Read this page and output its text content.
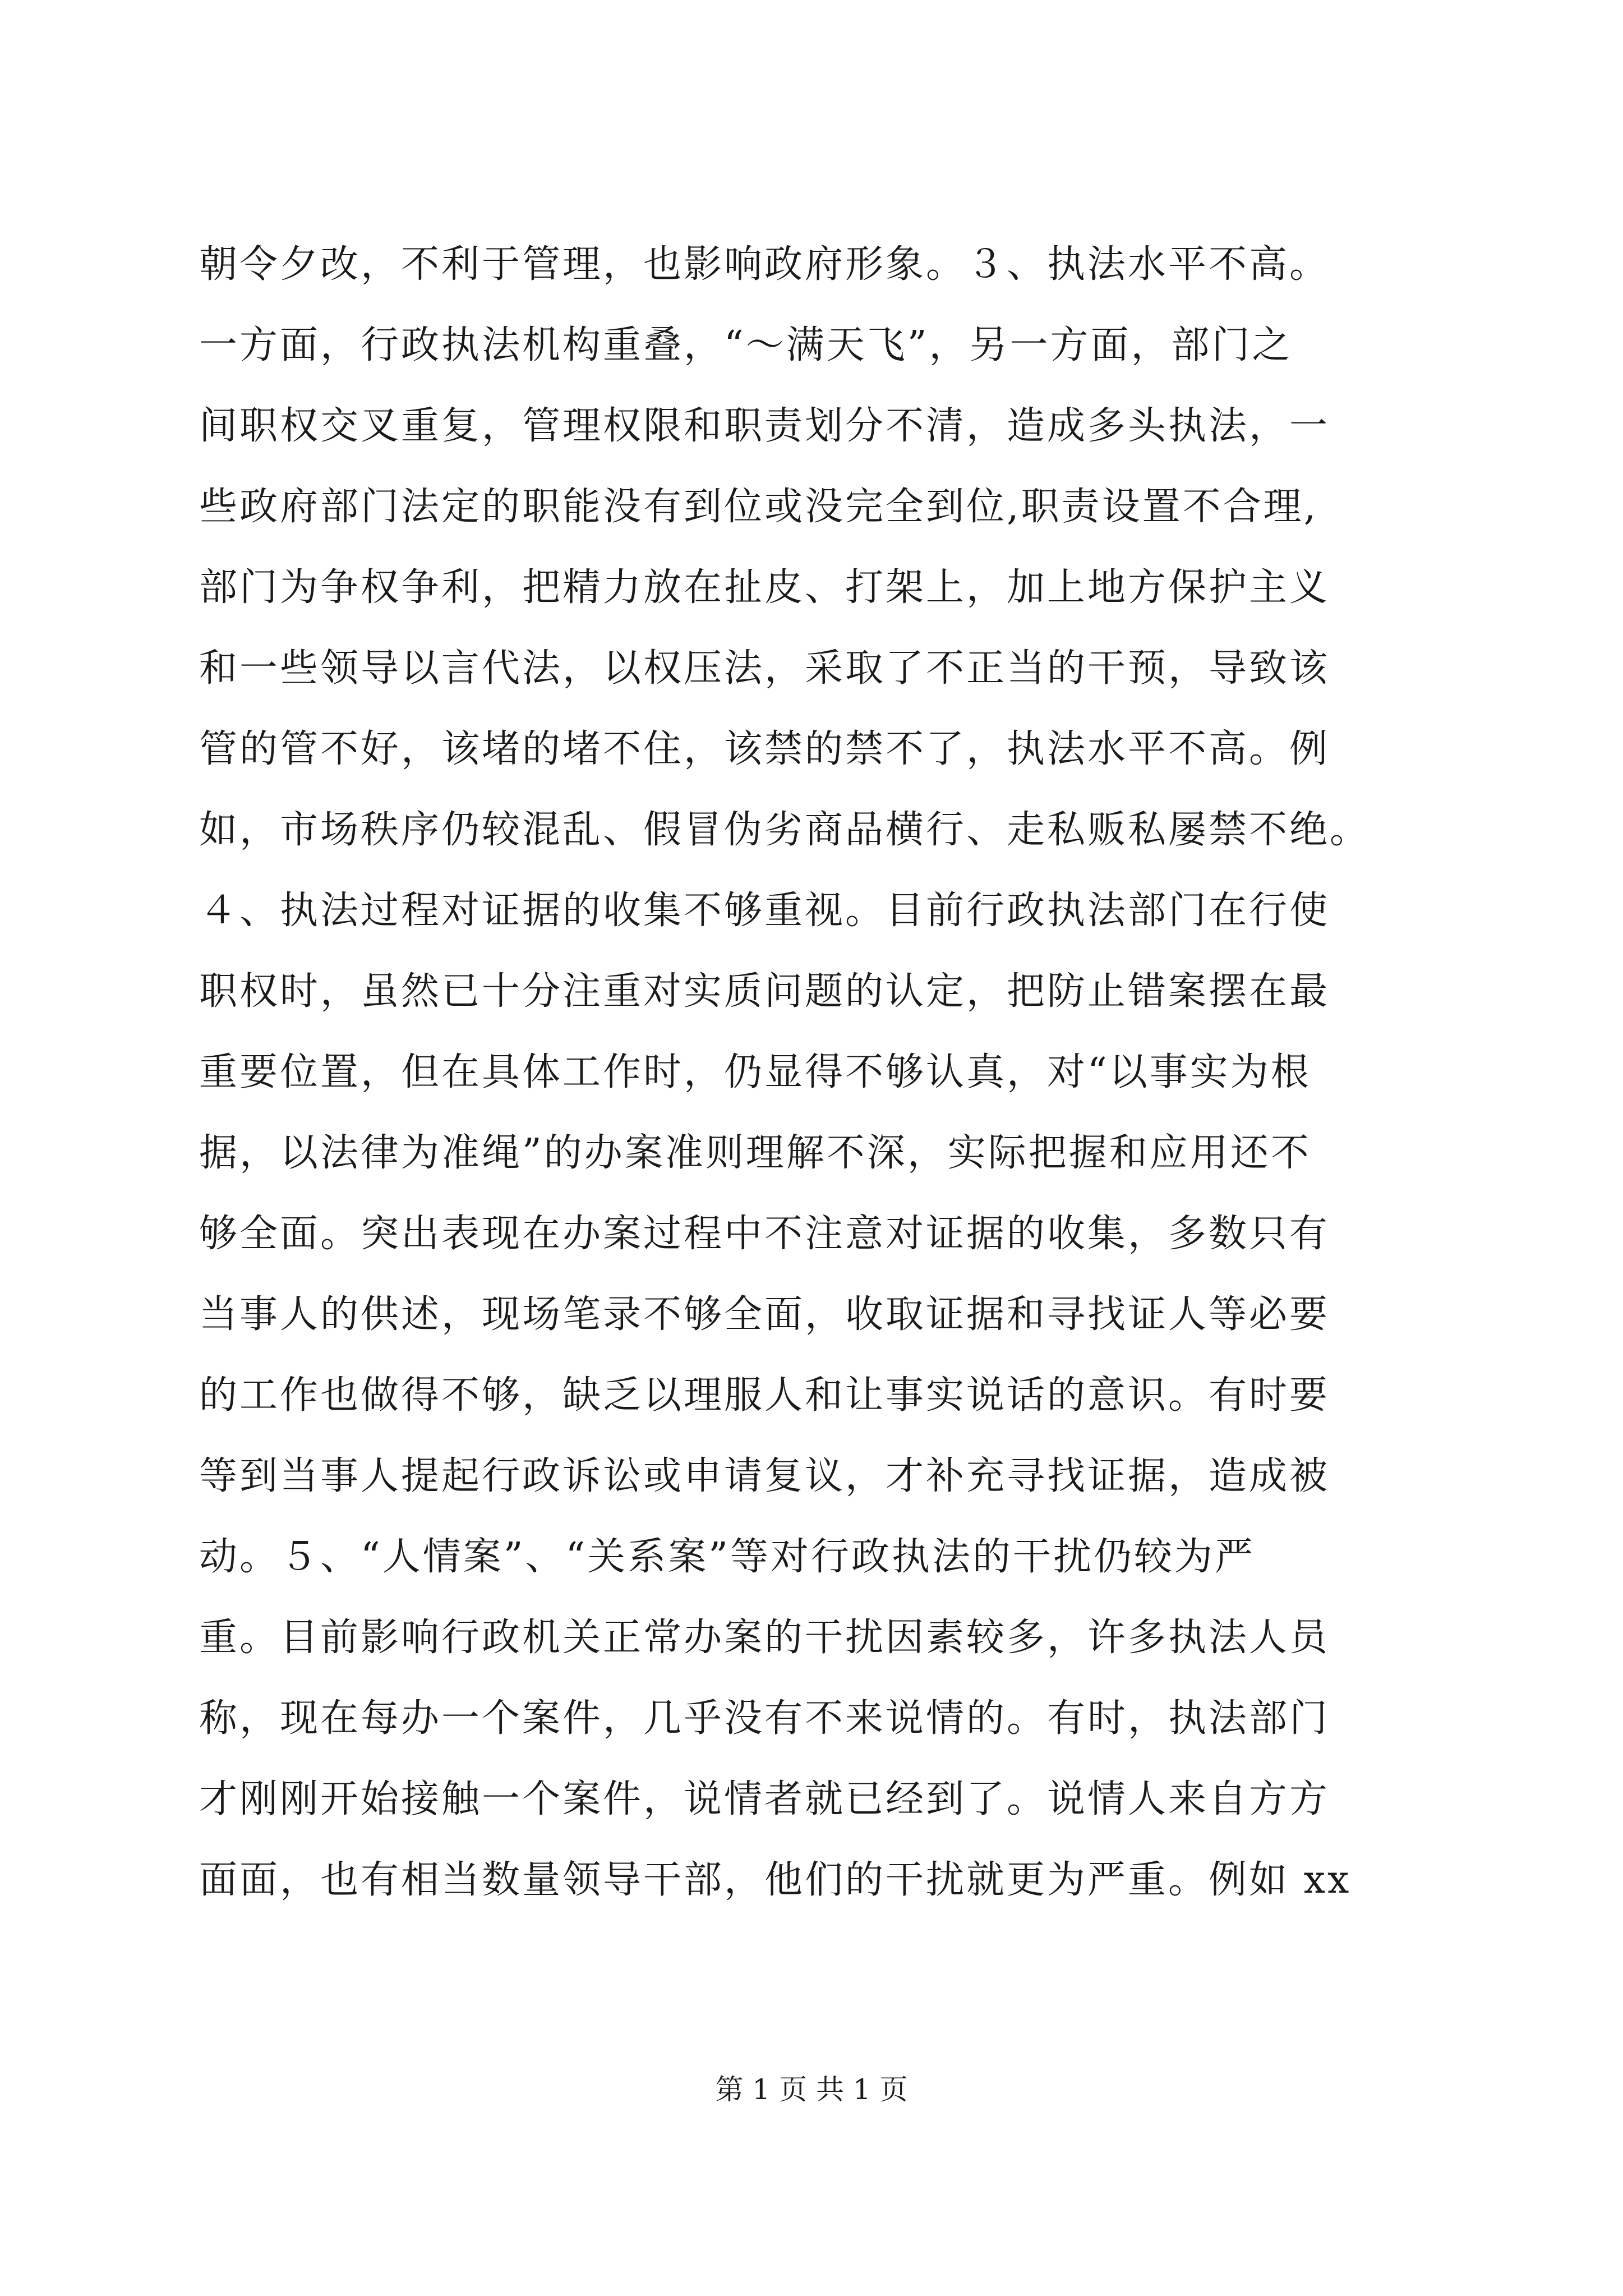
朝令夕改，不利于管理，也影响政府形象。３、执法水平不高。
一方面，行政执法机构重叠，“～满天飞”，另一方面，部门之
间职权交叉重复，管理权限和职责划分不清，造成多头执法，一
些政府部门法定的职能没有到位或没完全到位,职责设置不合理,
部门为争权争利，把精力放在扯皮、打架上，加上地方保护主义
和一些领导以言代法，以权压法，采取了不正当的干预，导致该
管的管不好，该堵的堵不住，该禁的禁不了，执法水平不高。例
如，市场秩序仍较混乱、假冒伪劣商品横行、走私贩私屡禁不绝。
４、执法过程对证据的收集不够重视。目前行政执法部门在行使
职权时，虽然已十分注重对实质问题的认定，把防止错案摆在最
重要位置，但在具体工作时，仍显得不够认真，对“以事实为根
据，以法律为准绳”的办案准则理解不深，实际把握和应用还不
够全面。突出表现在办案过程中不注意对证据的收集，多数只有
当事人的供述，现场笔录不够全面，收取证据和寻找证人等必要
的工作也做得不够，缺乏以理服人和让事实说话的意识。有时要
等到当事人提起行政诉讼或申请复议，才补充寻找证据，造成被
动。５、“人情案”、“关系案”等对行政执法的干扰仍较为严
重。目前影响行政机关正常办案的干扰因素较多，许多执法人员
称，现在每办一个案件，几乎没有不来说情的。有时，执法部门
才刚刚开始接触一个案件，说情者就已经到了。说情人来自方方
面面，也有相当数量领导干部，他们的干扰就更为严重。例如 xx
第 1 页 共 1 页
